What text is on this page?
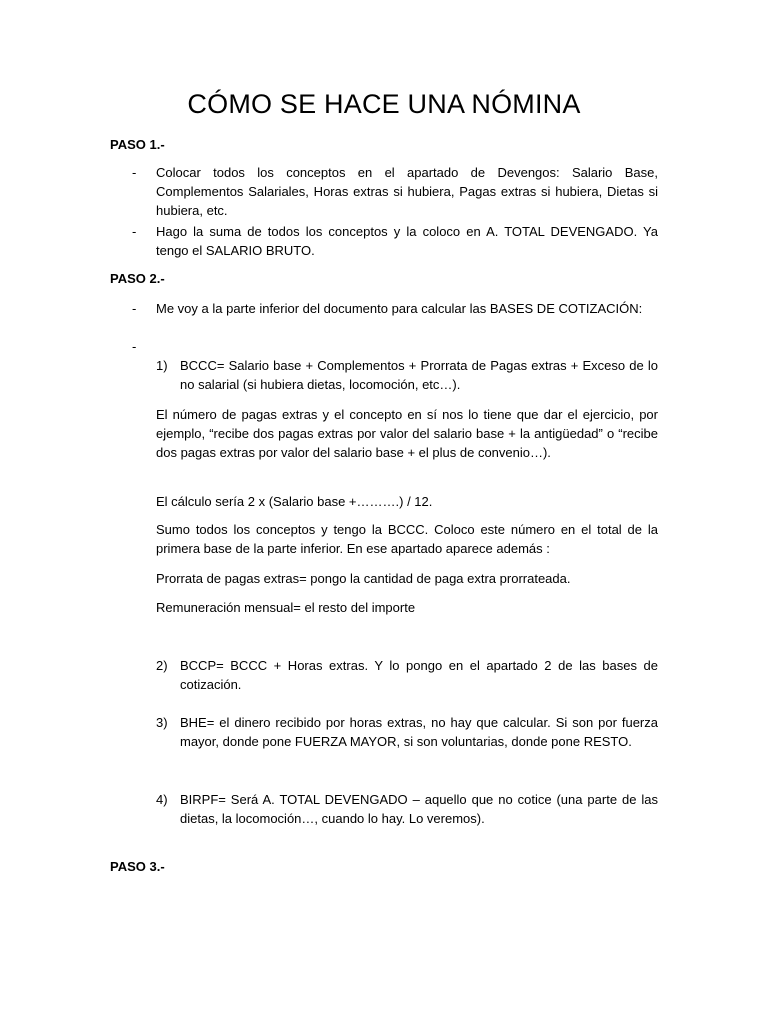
CÓMO SE HACE UNA NÓMINA
PASO 1.-
- Colocar todos los conceptos en el apartado de Devengos: Salario Base, Complementos Salariales, Horas extras si hubiera, Pagas extras si hubiera, Dietas si hubiera, etc.
- Hago la suma de todos los conceptos y la coloco en A. TOTAL DEVENGADO. Ya tengo el SALARIO BRUTO.
PASO 2.-
- Me voy a la parte inferior del documento para calcular las BASES DE COTIZACIÓN:
-
1) BCCC= Salario base + Complementos + Prorrata de Pagas extras + Exceso de lo no salarial (si hubiera dietas, locomoción, etc…).
El número de pagas extras y el concepto en sí nos lo tiene que dar el ejercicio, por ejemplo, “recibe dos pagas extras por valor del salario base + la antigüedad” o “recibe dos pagas extras por valor del salario base + el plus de convenio…).
El cálculo sería 2 x (Salario base +……….) / 12.
Sumo todos los conceptos y tengo la BCCC. Coloco este número en el total de la primera base de la parte inferior. En ese apartado aparece además :
Prorrata de pagas extras= pongo la cantidad de paga extra prorrateada.
Remuneración mensual= el resto del importe
2) BCCP= BCCC + Horas extras. Y lo pongo en el apartado 2 de las bases de cotización.
3) BHE= el dinero recibido por horas extras, no hay que calcular. Si son por fuerza mayor, donde pone FUERZA MAYOR, si son voluntarias, donde pone RESTO.
4) BIRPF= Será A. TOTAL DEVENGADO – aquello que no cotice (una parte de las dietas, la locomoción…, cuando lo hay. Lo veremos).
PASO 3.-
